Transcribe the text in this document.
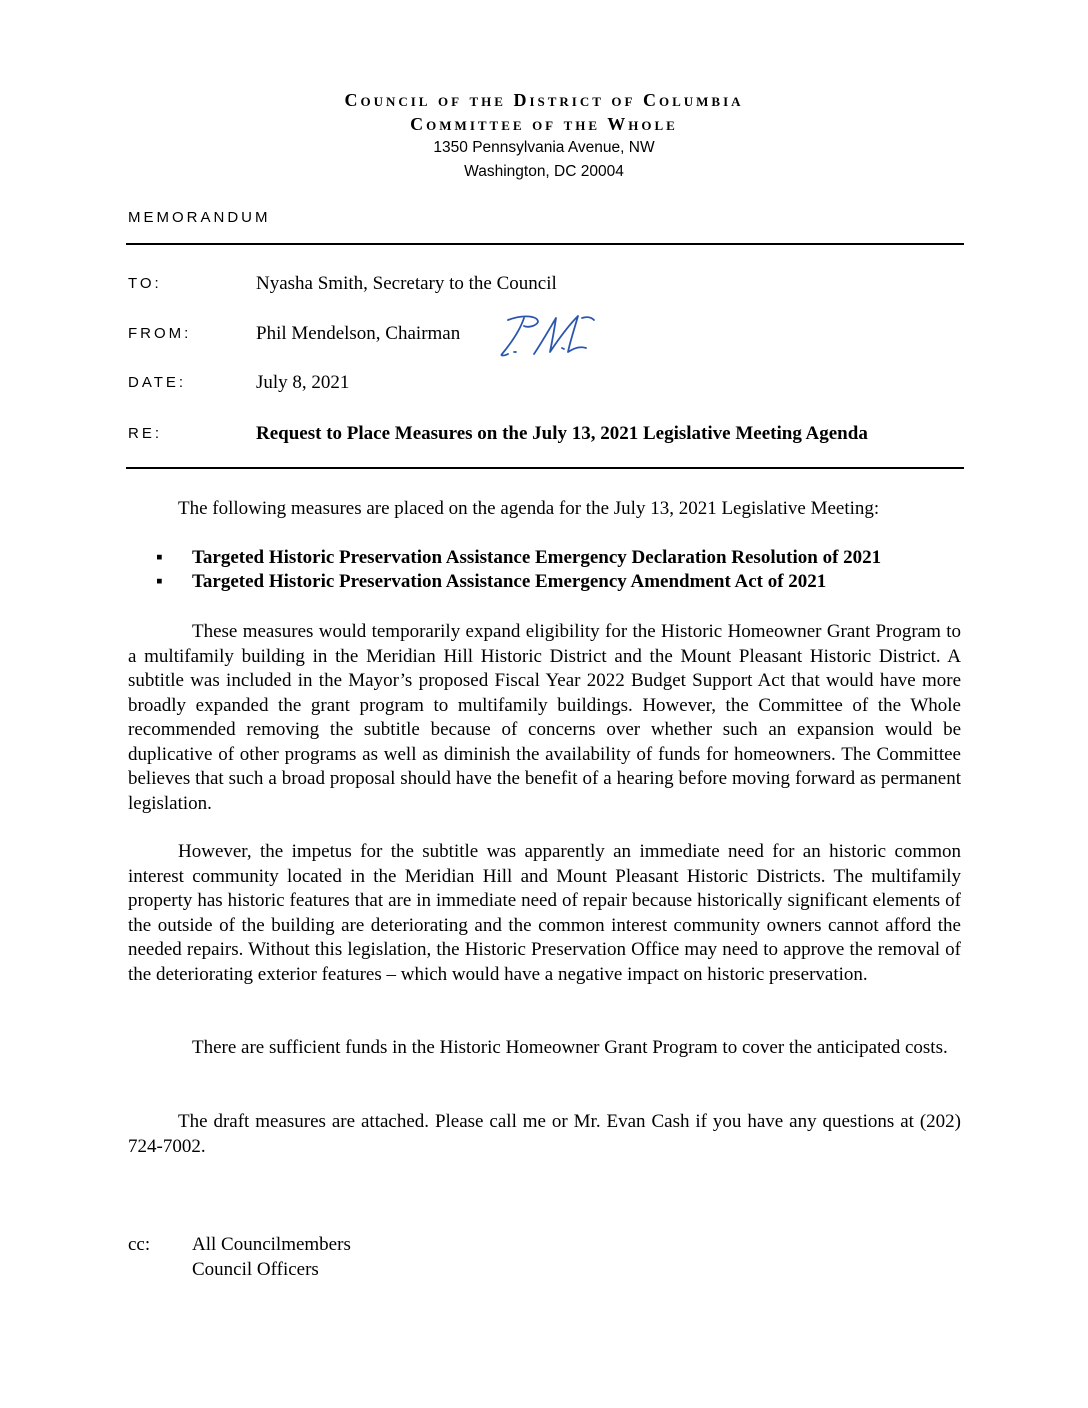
Council of the District of Columbia
Committee of the Whole
1350 Pennsylvania Avenue, NW
Washington, DC 20004
MEMORANDUM
TO:	Nyasha Smith, Secretary to the Council
FROM:	Phil Mendelson, Chairman
DATE:	July 8, 2021
RE:	Request to Place Measures on the July 13, 2021 Legislative Meeting Agenda
The following measures are placed on the agenda for the July 13, 2021 Legislative Meeting:
▪ Targeted Historic Preservation Assistance Emergency Declaration Resolution of 2021
▪ Targeted Historic Preservation Assistance Emergency Amendment Act of 2021
These measures would temporarily expand eligibility for the Historic Homeowner Grant Program to a multifamily building in the Meridian Hill Historic District and the Mount Pleasant Historic District. A subtitle was included in the Mayor’s proposed Fiscal Year 2022 Budget Support Act that would have more broadly expanded the grant program to multifamily buildings. However, the Committee of the Whole recommended removing the subtitle because of concerns over whether such an expansion would be duplicative of other programs as well as diminish the availability of funds for homeowners. The Committee believes that such a broad proposal should have the benefit of a hearing before moving forward as permanent legislation.
However, the impetus for the subtitle was apparently an immediate need for an historic common interest community located in the Meridian Hill and Mount Pleasant Historic Districts. The multifamily property has historic features that are in immediate need of repair because historically significant elements of the outside of the building are deteriorating and the common interest community owners cannot afford the needed repairs. Without this legislation, the Historic Preservation Office may need to approve the removal of the deteriorating exterior features – which would have a negative impact on historic preservation.
There are sufficient funds in the Historic Homeowner Grant Program to cover the anticipated costs.
The draft measures are attached. Please call me or Mr. Evan Cash if you have any questions at (202) 724-7002.
cc: All Councilmembers
Council Officers
